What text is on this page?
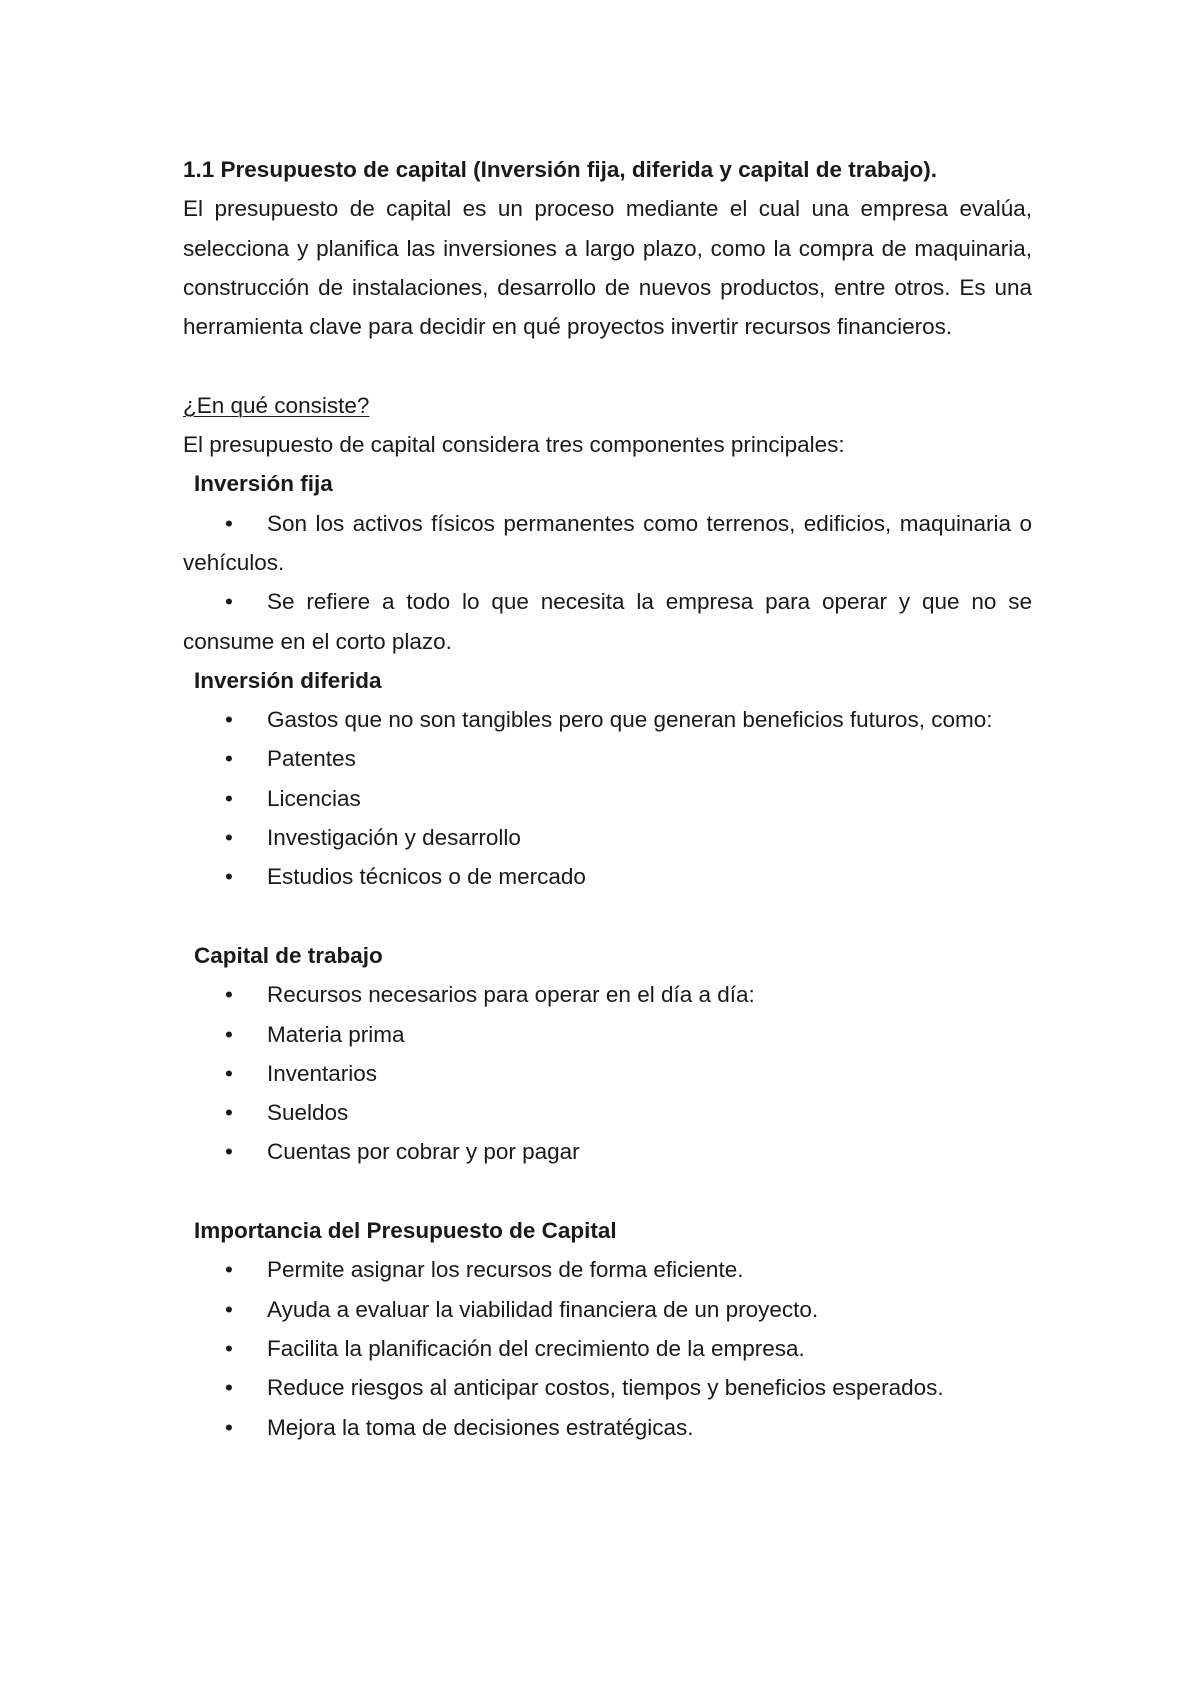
1.1 Presupuesto de capital (Inversión fija, diferida y capital de trabajo).

El presupuesto de capital es un proceso mediante el cual una empresa evalúa, selecciona y planifica las inversiones a largo plazo, como la compra de maquinaria, construcción de instalaciones, desarrollo de nuevos productos, entre otros. Es una herramienta clave para decidir en qué proyectos invertir recursos financieros.

¿En qué consiste?

El presupuesto de capital considera tres componentes principales:

Inversión fija

• Son los activos físicos permanentes como terrenos, edificios, maquinaria o vehículos.
• Se refiere a todo lo que necesita la empresa para operar y que no se consume en el corto plazo.

Inversión diferida

• Gastos que no son tangibles pero que generan beneficios futuros, como:
• Patentes
• Licencias
• Investigación y desarrollo
• Estudios técnicos o de mercado

Capital de trabajo

• Recursos necesarios para operar en el día a día:
• Materia prima
• Inventarios
• Sueldos
• Cuentas por cobrar y por pagar

Importancia del Presupuesto de Capital

• Permite asignar los recursos de forma eficiente.
• Ayuda a evaluar la viabilidad financiera de un proyecto.
• Facilita la planificación del crecimiento de la empresa.
• Reduce riesgos al anticipar costos, tiempos y beneficios esperados.
• Mejora la toma de decisiones estratégicas.
